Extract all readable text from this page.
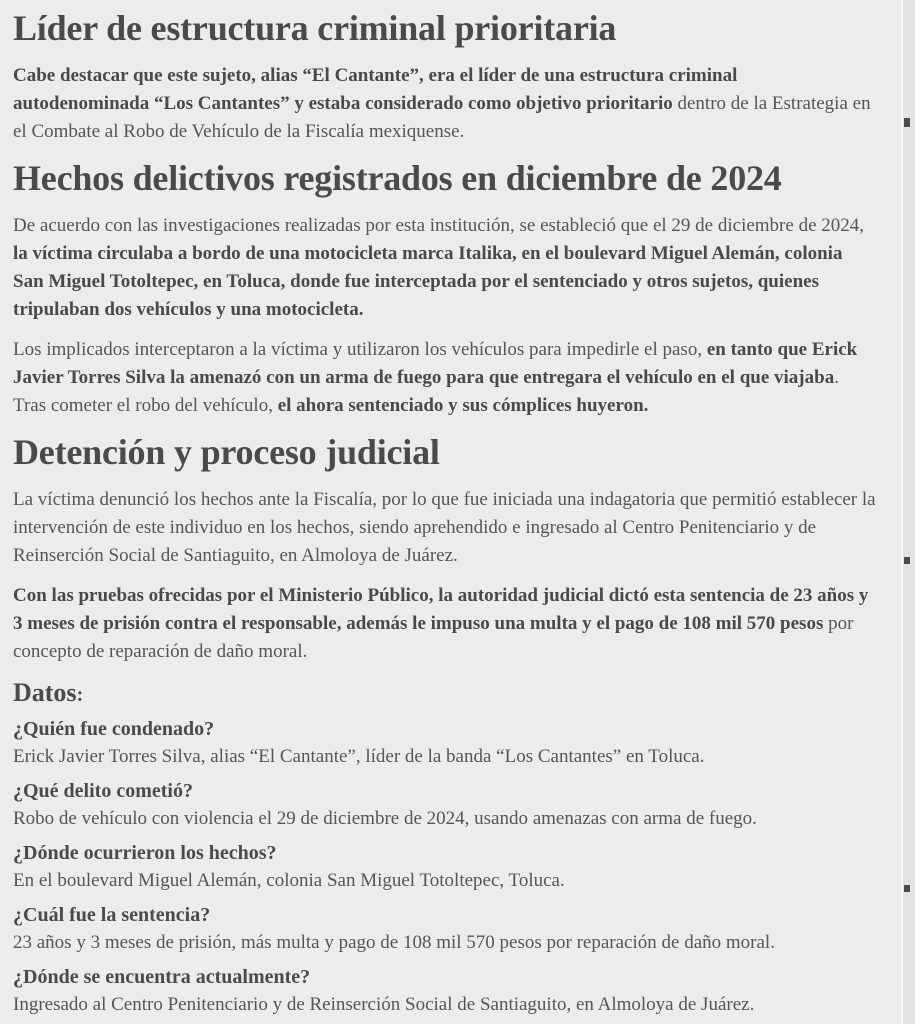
Líder de estructura criminal prioritaria

Cabe destacar que este sujeto, alias “El Cantante”, era el líder de una estructura criminal autodenominada “Los Cantantes” y estaba considerado como objetivo prioritario dentro de la Estrategia en el Combate al Robo de Vehículo de la Fiscalía mexiquense.

Hechos delictivos registrados en diciembre de 2024

De acuerdo con las investigaciones realizadas por esta institución, se estableció que el 29 de diciembre de 2024, la víctima circulaba a bordo de una motocicleta marca Italika, en el boulevard Miguel Alemán, colonia San Miguel Totoltepec, en Toluca, donde fue interceptada por el sentenciado y otros sujetos, quienes tripulaban dos vehículos y una motocicleta.

Los implicados interceptaron a la víctima y utilizaron los vehículos para impedirle el paso, en tanto que Erick Javier Torres Silva la amenazó con un arma de fuego para que entregara el vehículo en el que viajaba. Tras cometer el robo del vehículo, el ahora sentenciado y sus cómplices huyeron.

Detención y proceso judicial

La víctima denunció los hechos ante la Fiscalía, por lo que fue iniciada una indagatoria que permitió establecer la intervención de este individuo en los hechos, siendo aprehendido e ingresado al Centro Penitenciario y de Reinserción Social de Santiaguito, en Almoloya de Juárez.

Con las pruebas ofrecidas por el Ministerio Público, la autoridad judicial dictó esta sentencia de 23 años y 3 meses de prisión contra el responsable, además le impuso una multa y el pago de 108 mil 570 pesos por concepto de reparación de daño moral.

Datos:

¿Quién fue condenado?

Erick Javier Torres Silva, alias “El Cantante”, líder de la banda “Los Cantantes” en Toluca.

¿Qué delito cometió?

Robo de vehículo con violencia el 29 de diciembre de 2024, usando amenazas con arma de fuego.

¿Dónde ocurrieron los hechos?

En el boulevard Miguel Alemán, colonia San Miguel Totoltepec, Toluca.

¿Cuál fue la sentencia?

23 años y 3 meses de prisión, más multa y pago de 108 mil 570 pesos por reparación de daño moral.

¿Dónde se encuentra actualmente?

Ingresado al Centro Penitenciario y de Reinserción Social de Santiaguito, en Almoloya de Juárez.
